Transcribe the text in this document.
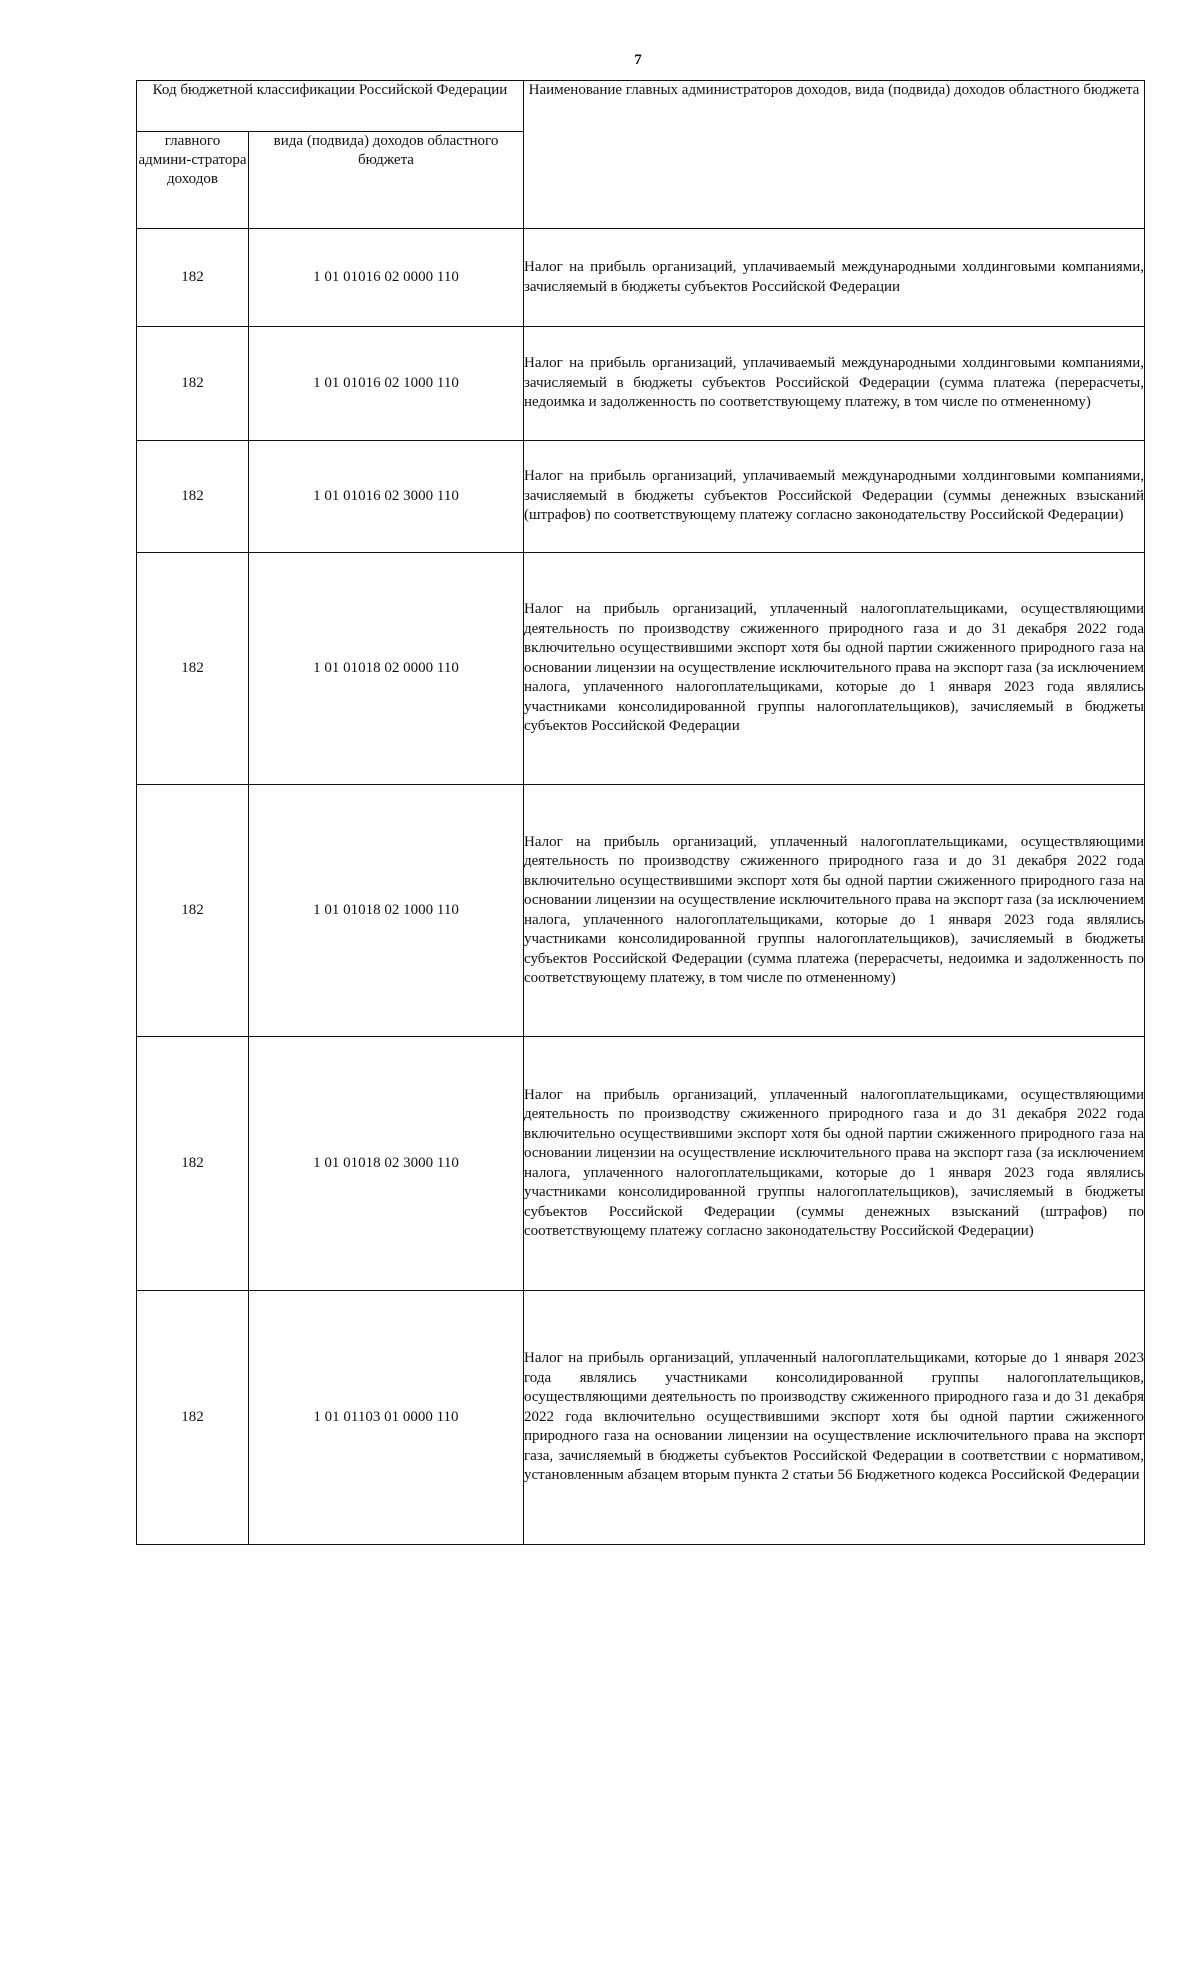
7
Код бюджетной классификации Российской Федерации		Наименование главных администраторов доходов, вида (подвида) доходов областного бюджета
главного админи-стратора доходов	вида (подвида) доходов областного бюджета	
182	1 01 01016 02 0000 110	Налог на прибыль организаций, уплачиваемый международными холдинговыми компаниями, зачисляемый в бюджеты субъектов Российской Федерации
182	1 01 01016 02 1000 110	Налог на прибыль организаций, уплачиваемый международными холдинговыми компаниями, зачисляемый в бюджеты субъектов Российской Федерации (сумма платежа (перерасчеты, недоимка и задолженность по соответствующему платежу, в том числе по отмененному)
182	1 01 01016 02 3000 110	Налог на прибыль организаций, уплачиваемый международными холдинговыми компаниями, зачисляемый в бюджеты субъектов Российской Федерации (суммы денежных взысканий (штрафов) по соответствующему платежу согласно законодательству Российской Федерации)
182	1 01 01018 02 0000 110	Налог на прибыль организаций, уплаченный налогоплательщиками, осуществляющими деятельность по производству сжиженного природного газа и до 31 декабря 2022 года включительно осуществившими экспорт хотя бы одной партии сжиженного природного газа на основании лицензии на осуществление исключительного права на экспорт газа (за исключением налога, уплаченного налогоплательщиками, которые до 1 января 2023 года являлись участниками консолидированной группы налогоплательщиков), зачисляемый в бюджеты субъектов Российской Федерации
182	1 01 01018 02 1000 110	Налог на прибыль организаций, уплаченный налогоплательщиками, осуществляющими деятельность по производству сжиженного природного газа и до 31 декабря 2022 года включительно осуществившими экспорт хотя бы одной партии сжиженного природного газа на основании лицензии на осуществление исключительного права на экспорт газа (за исключением налога, уплаченного налогоплательщиками, которые до 1 января 2023 года являлись участниками консолидированной группы налогоплательщиков), зачисляемый в бюджеты субъектов Российской Федерации (сумма платежа (перерасчеты, недоимка и задолженность по соответствующему платежу, в том числе по отмененному)
182	1 01 01018 02 3000 110	Налог на прибыль организаций, уплаченный налогоплательщиками, осуществляющими деятельность по производству сжиженного природного газа и до 31 декабря 2022 года включительно осуществившими экспорт хотя бы одной партии сжиженного природного газа на основании лицензии на осуществление исключительного права на экспорт газа (за исключением налога, уплаченного налогоплательщиками, которые до 1 января 2023 года являлись участниками консолидированной группы налогоплательщиков), зачисляемый в бюджеты субъектов Российской Федерации (суммы денежных взысканий (штрафов) по соответствующему платежу согласно законодательству Российской Федерации)
182	1 01 01103 01 0000 110	Налог на прибыль организаций, уплаченный налогоплательщиками, которые до 1 января 2023 года являлись участниками консолидированной группы налогоплательщиков, осуществляющими деятельность по производству сжиженного природного газа и до 31 декабря 2022 года включительно осуществившими экспорт хотя бы одной партии сжиженного природного газа на основании лицензии на осуществление исключительного права на экспорт газа, зачисляемый в бюджеты субъектов Российской Федерации в соответствии с нормативом, установленным абзацем вторым пункта 2 статьи 56 Бюджетного кодекса Российской Федерации
